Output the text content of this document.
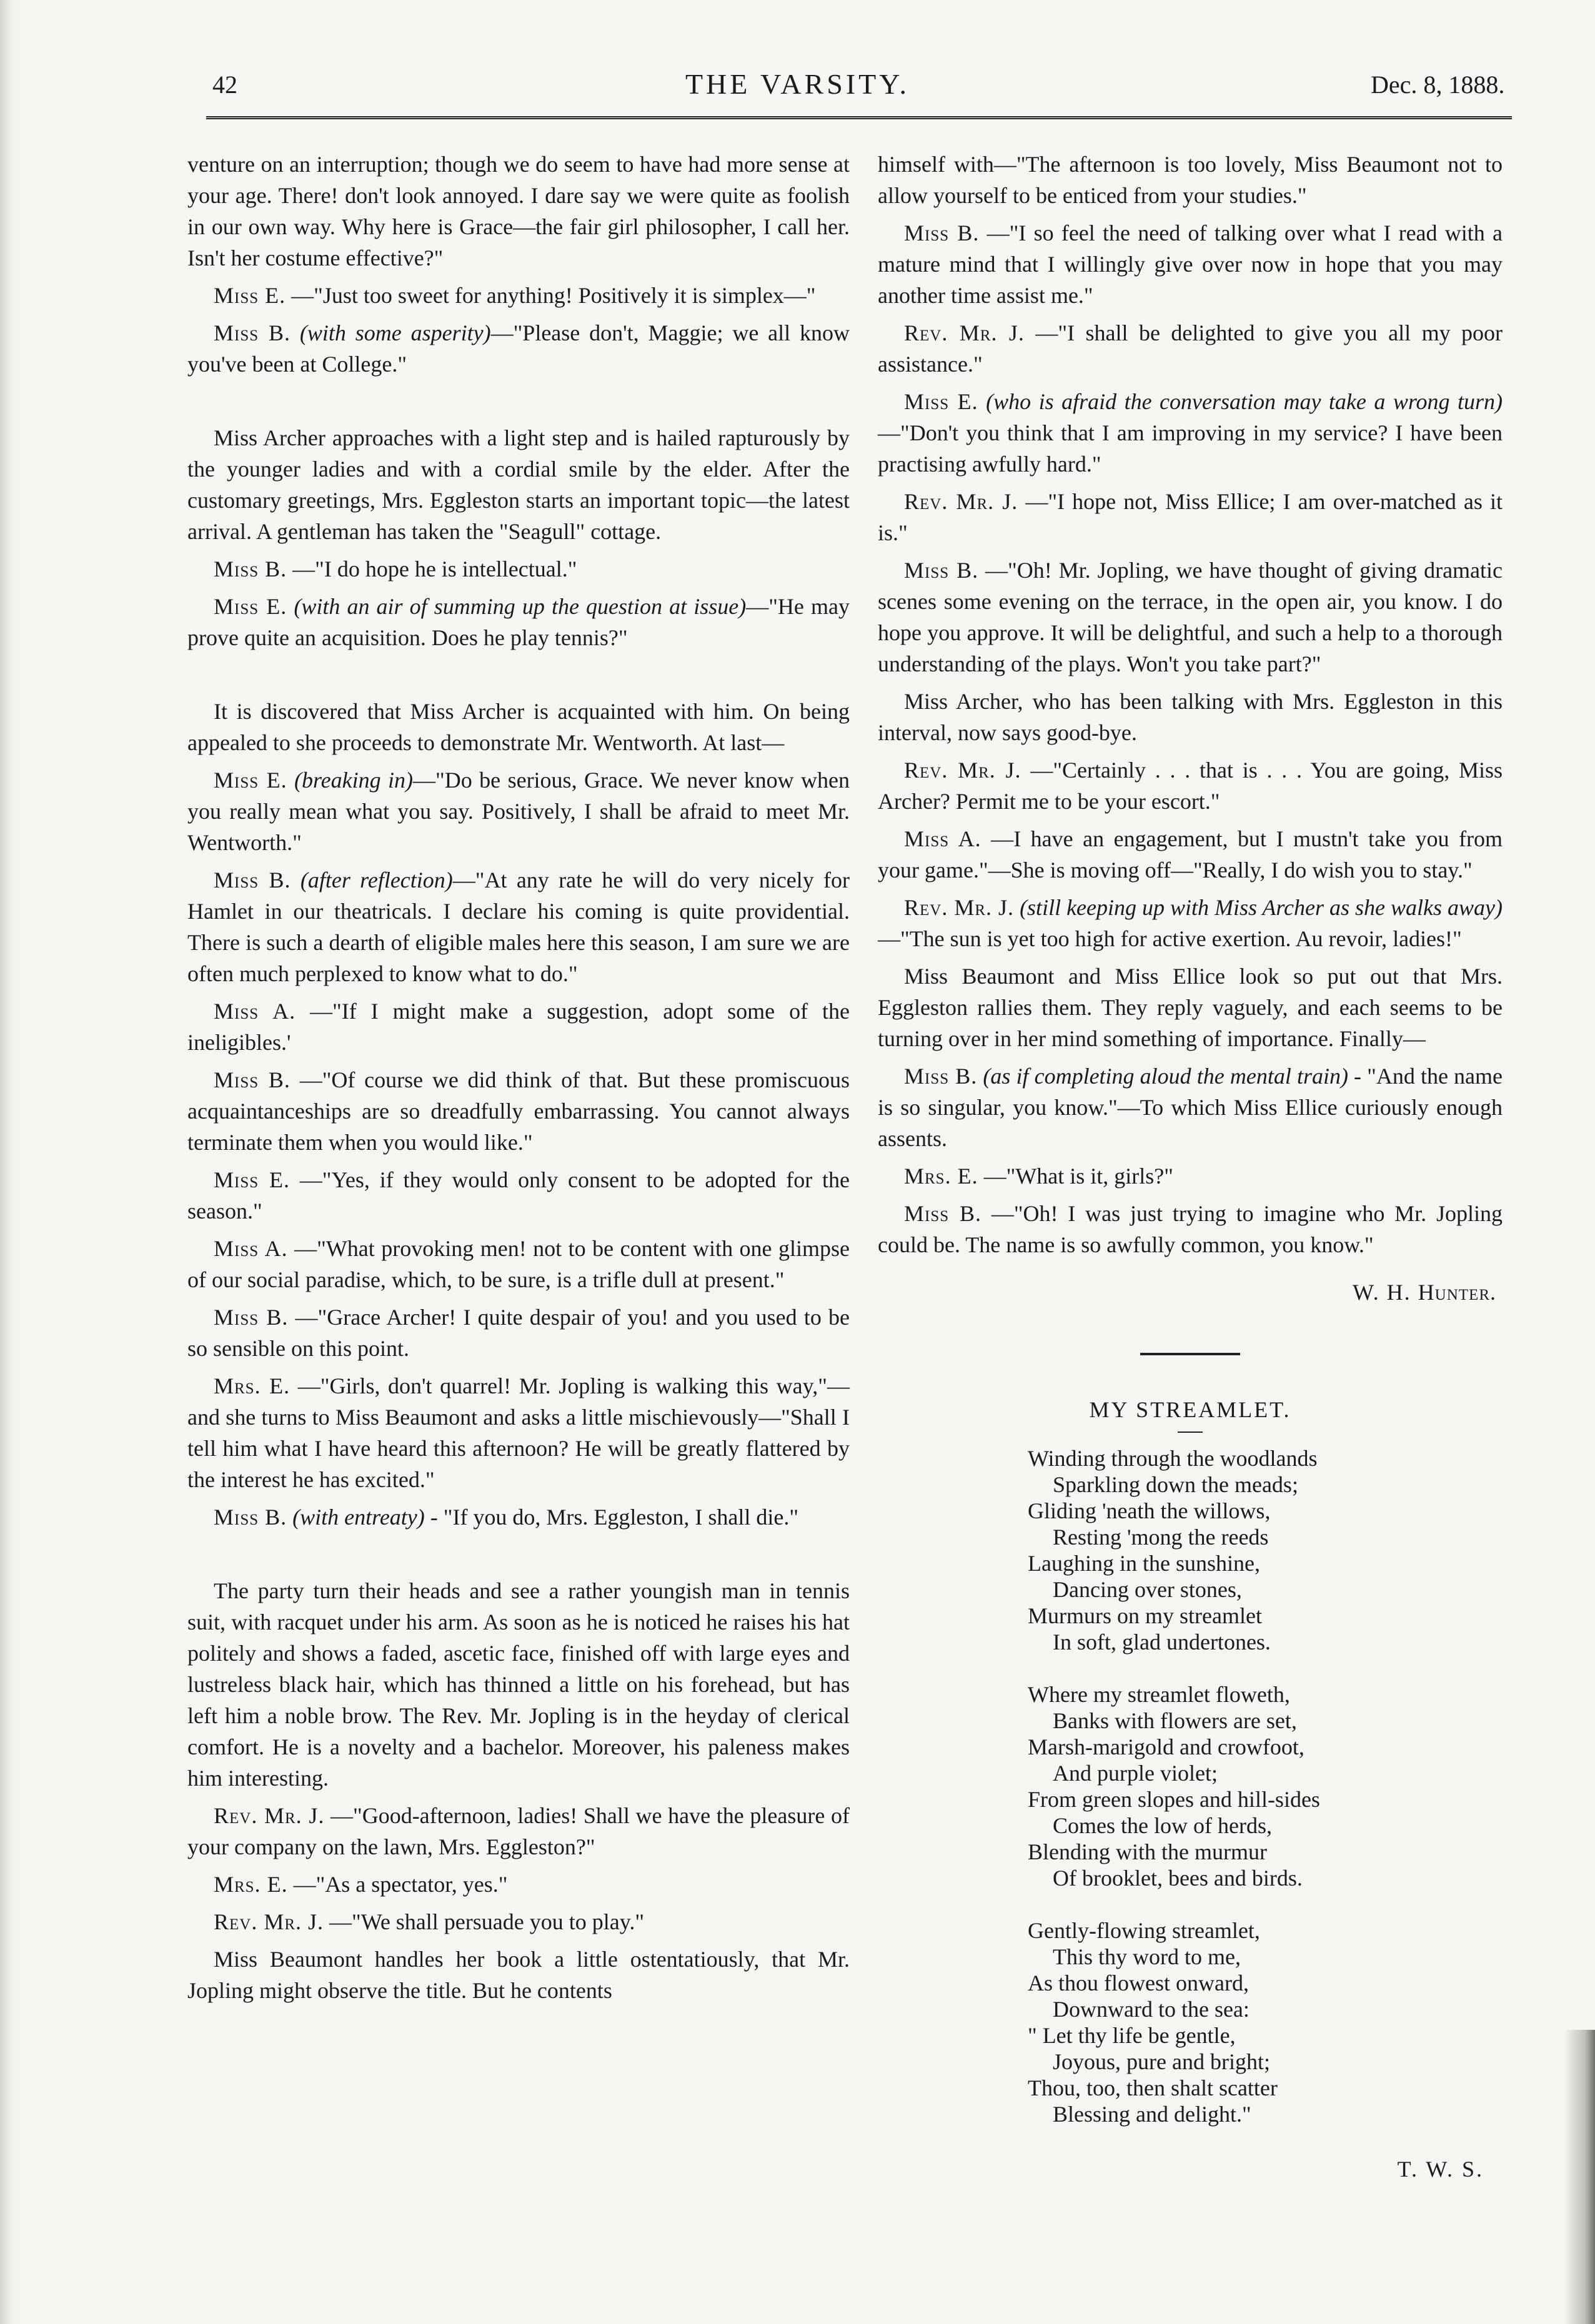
42	THE VARSITY.	Dec. 8, 1888.

venture on an interruption; though we do seem to have had more sense at your age. There! don't look annoyed. I dare say we were quite as foolish in our own way. Why here is Grace—the fair girl philosopher, I call her. Isn't her costume effective?"

Miss E. —"Just too sweet for anything! Positively it is simplex—"

Miss B. (with some asperity)—"Please don't, Maggie; we all know you've been at College."

Miss Archer approaches with a light step and is hailed rapturously by the younger ladies and with a cordial smile by the elder. After the customary greetings, Mrs. Eggleston starts an important topic—the latest arrival. A gentleman has taken the "Seagull" cottage.

Miss B. —"I do hope he is intellectual."

Miss E. (with an air of summing up the question at issue)—"He may prove quite an acquisition. Does he play tennis?"

It is discovered that Miss Archer is acquainted with him. On being appealed to she proceeds to demonstrate Mr. Wentworth. At last—

Miss E. (breaking in)—"Do be serious, Grace. We never know when you really mean what you say. Positively, I shall be afraid to meet Mr. Wentworth."

Miss B. (after reflection)—"At any rate he will do very nicely for Hamlet in our theatricals. I declare his coming is quite providential. There is such a dearth of eligible males here this season, I am sure we are often much perplexed to know what to do."

Miss A. —"If I might make a suggestion, adopt some of the ineligibles.'

Miss B. —"Of course we did think of that. But these promiscuous acquaintanceships are so dreadfully embarrassing. You cannot always terminate them when you would like."

Miss E. —"Yes, if they would only consent to be adopted for the season."

Miss A. —"What provoking men! not to be content with one glimpse of our social paradise, which, to be sure, is a trifle dull at present."

Miss B. —"Grace Archer! I quite despair of you! and you used to be so sensible on this point.

Mrs. E. —"Girls, don't quarrel! Mr. Jopling is walking this way,"—and she turns to Miss Beaumont and asks a little mischievously—"Shall I tell him what I have heard this afternoon? He will be greatly flattered by the interest he has excited."

Miss B. (with entreaty) - "If you do, Mrs. Eggleston, I shall die."

The party turn their heads and see a rather youngish man in tennis suit, with racquet under his arm. As soon as he is noticed he raises his hat politely and shows a faded, ascetic face, finished off with large eyes and lustreless black hair, which has thinned a little on his forehead, but has left him a noble brow. The Rev. Mr. Jopling is in the heyday of clerical comfort. He is a novelty and a bachelor. Moreover, his paleness makes him interesting.

Rev. Mr. J. —"Good-afternoon, ladies! Shall we have the pleasure of your company on the lawn, Mrs. Eggleston?"

Mrs. E. —"As a spectator, yes."

Rev. Mr. J. —"We shall persuade you to play."

Miss Beaumont handles her book a little ostentatiously, that Mr. Jopling might observe the title. But he contents

himself with—"The afternoon is too lovely, Miss Beaumont not to allow yourself to be enticed from your studies."

Miss B. —"I so feel the need of talking over what I read with a mature mind that I willingly give over now in hope that you may another time assist me."

Rev. Mr. J. —"I shall be delighted to give you all my poor assistance."

Miss E. (who is afraid the conversation may take a wrong turn)—"Don't you think that I am improving in my service? I have been practising awfully hard."

Rev. Mr. J. —"I hope not, Miss Ellice; I am over-matched as it is."

Miss B. —"Oh! Mr. Jopling, we have thought of giving dramatic scenes some evening on the terrace, in the open air, you know. I do hope you approve. It will be delightful, and such a help to a thorough understanding of the plays. Won't you take part?"

Miss Archer, who has been talking with Mrs. Eggleston in this interval, now says good-bye.

Rev. Mr. J. —"Certainly . . . that is . . . You are going, Miss Archer? Permit me to be your escort."

Miss A. —I have an engagement, but I mustn't take you from your game."—She is moving off—"Really, I do wish you to stay."

Rev. Mr. J. (still keeping up with Miss Archer as she walks away)—"The sun is yet too high for active exertion. Au revoir, ladies!"

Miss Beaumont and Miss Ellice look so put out that Mrs. Eggleston rallies them. They reply vaguely, and each seems to be turning over in her mind something of importance. Finally—

Miss B. (as if completing aloud the mental train) - "And the name is so singular, you know."—To which Miss Ellice curiously enough assents.

Mrs. E. —"What is it, girls?"

Miss B. —"Oh! I was just trying to imagine who Mr. Jopling could be. The name is so awfully common, you know."

W. H. Hunter.
MY STREAMLET.
Winding through the woodlands
Sparkling down the meads;
Gliding 'neath the willows,
Resting 'mong the reeds
Laughing in the sunshine,
Dancing over stones,
Murmurs on my streamlet
In soft, glad undertones.
Where my streamlet floweth,
Banks with flowers are set,
Marsh-marigold and crowfoot,
And purple violet;
From green slopes and hill-sides
Comes the low of herds,
Blending with the murmur
Of brooklet, bees and birds.
Gently-flowing streamlet,
This thy word to me,
As thou flowest onward,
Downward to the sea:
" Let thy life be gentle,
Joyous, pure and bright;
Thou, too, then shalt scatter
Blessing and delight."
T. W. S.
